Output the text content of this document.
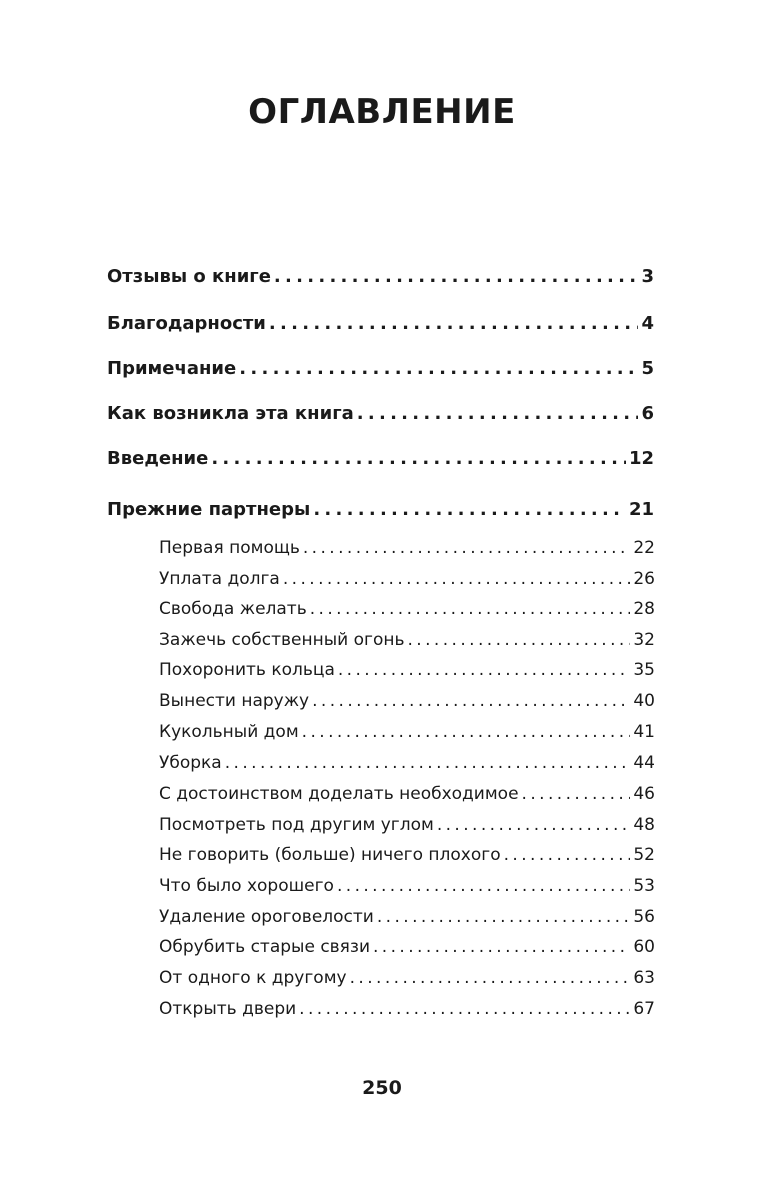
ОГЛАВЛЕНИЕ
Отзывы о книге . . .	3
Благодарности . . .	4
Примечание . . .	5
Как возникла эта книга . . .	6
Введение . . .	12
Прежние партнеры . . .	21
Первая помощь . . .	22
Уплата долга . . .	26
Свобода желать . . .	28
Зажечь собственный огонь . . .	32
Похоронить кольца . . .	35
Вынести наружу . . .	40
Кукольный дом . . .	41
Уборка . . .	44
С достоинством доделать необходимое . . .	46
Посмотреть под другим углом . . .	48
Не говорить (больше) ничего плохого . . .	52
Что было хорошего . . .	53
Удаление ороговелости . . .	56
Обрубить старые связи . . .	60
От одного к другому . . .	63
Открыть двери . . .	67
250
